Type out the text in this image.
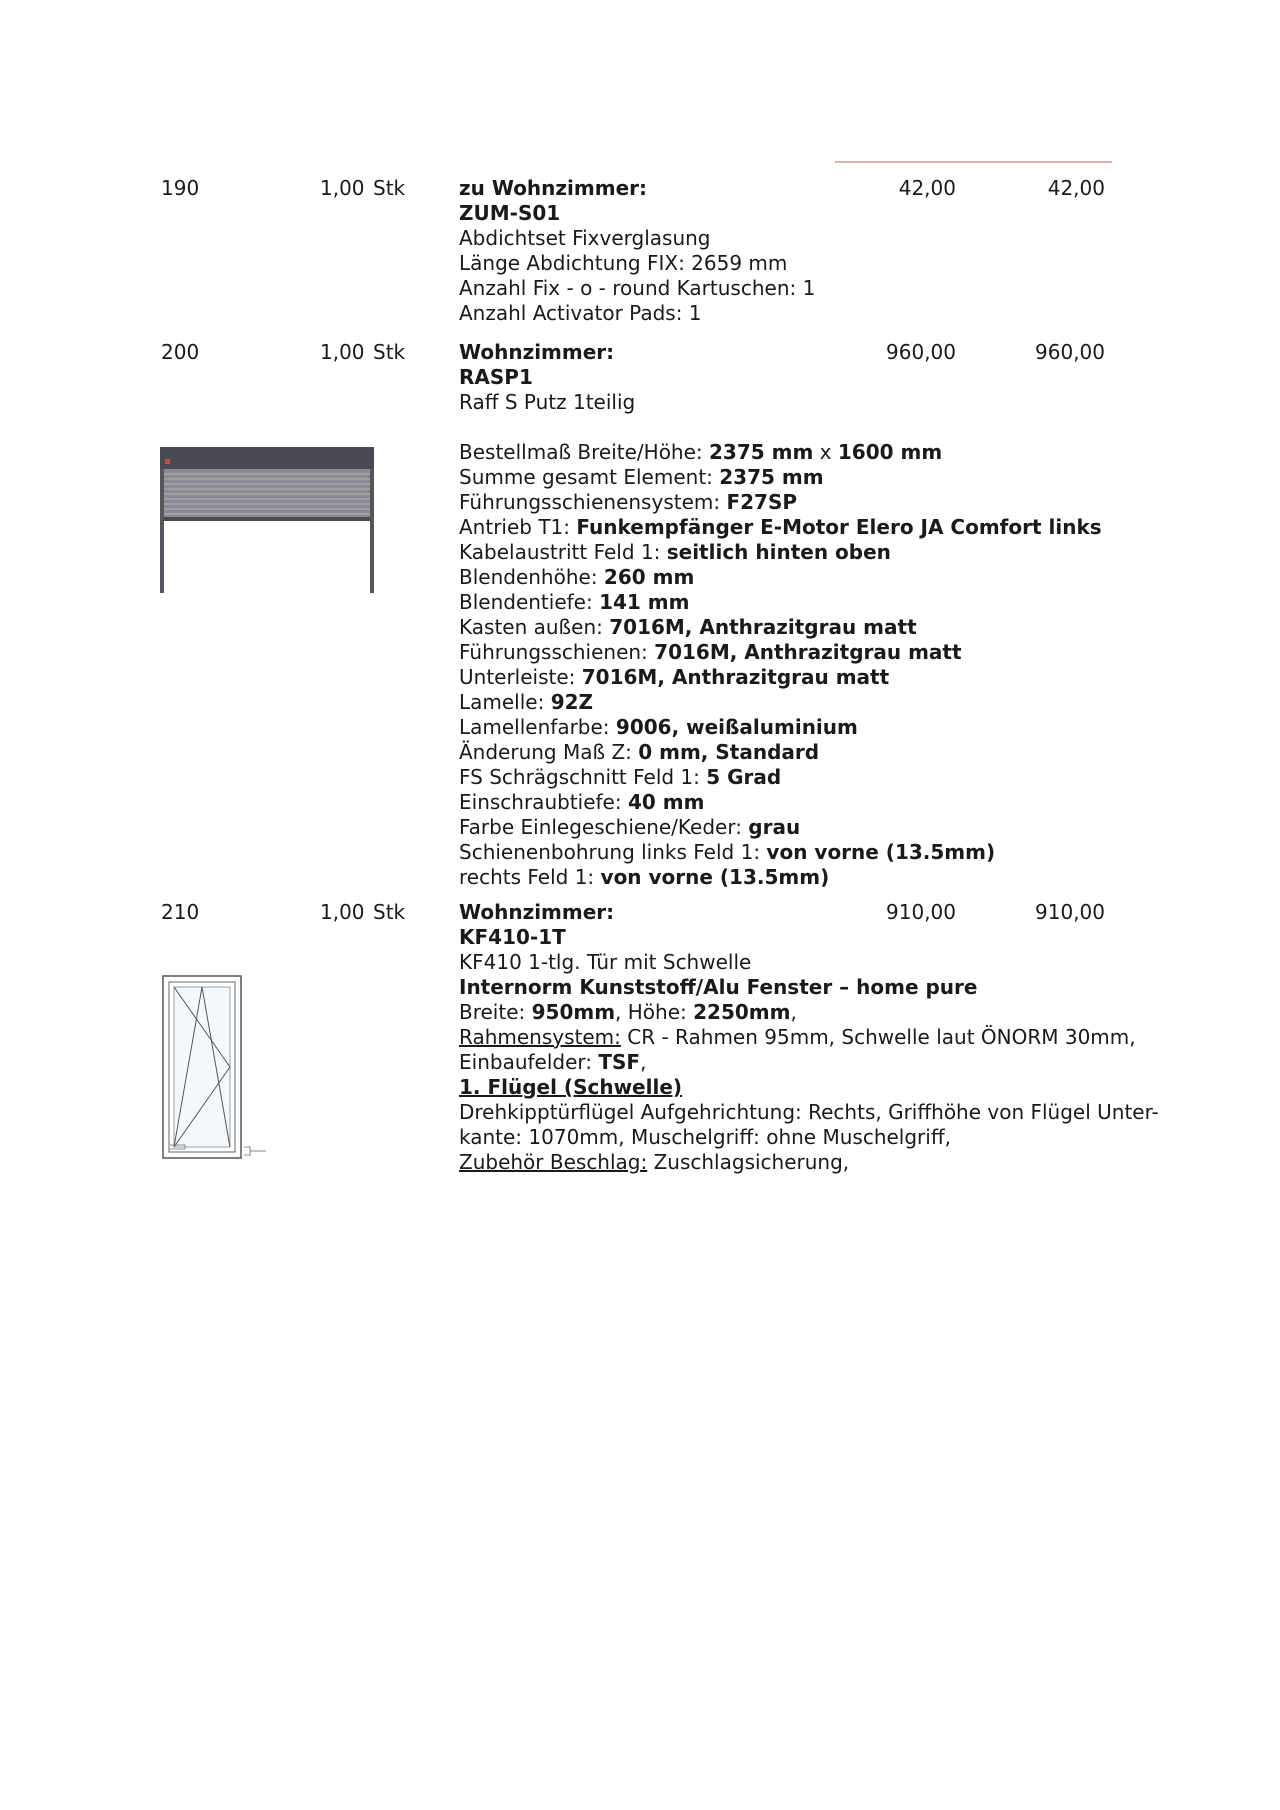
190	1,00 Stk	42,00	42,00
zu Wohnzimmer:
ZUM-S01
Abdichtset Fixverglasung
Länge Abdichtung FIX: 2659 mm
Anzahl Fix - o - round Kartuschen: 1
Anzahl Activator Pads: 1
200	1,00 Stk	960,00	960,00
Wohnzimmer:
RASP1
Raff S Putz 1teilig
Bestellmaß Breite/Höhe: 2375 mm x 1600 mm
Summe gesamt Element: 2375 mm
Führungsschienensystem: F27SP
Antrieb T1: Funkempfänger E-Motor Elero JA Comfort links
Kabelaustritt Feld 1: seitlich hinten oben
Blendenhöhe: 260 mm
Blendentiefe: 141 mm
Kasten außen: 7016M, Anthrazitgrau matt
Führungsschienen: 7016M, Anthrazitgrau matt
Unterleiste: 7016M, Anthrazitgrau matt
Lamelle: 92Z
Lamellenfarbe: 9006, weißaluminium
Änderung Maß Z: 0 mm, Standard
FS Schrägschnitt Feld 1: 5 Grad
Einschraubtiefe: 40 mm
Farbe Einlegeschiene/Keder: grau
Schienenbohrung links Feld 1: von vorne (13.5mm)
rechts Feld 1: von vorne (13.5mm)
210	1,00 Stk	910,00	910,00
Wohnzimmer:
KF410-1T
KF410 1-tlg. Tür mit Schwelle
Internorm Kunststoff/Alu Fenster – home pure
Breite: 950mm, Höhe: 2250mm,
Rahmensystem: CR - Rahmen 95mm, Schwelle laut ÖNORM 30mm,
Einbaufelder: TSF,
1. Flügel (Schwelle)
Drehkipptürflügel Aufgehrichtung: Rechts, Griffhöhe von Flügel Unter-
kante: 1070mm, Muschelgriff: ohne Muschelgriff,
Zubehör Beschlag: Zuschlagsicherung,
